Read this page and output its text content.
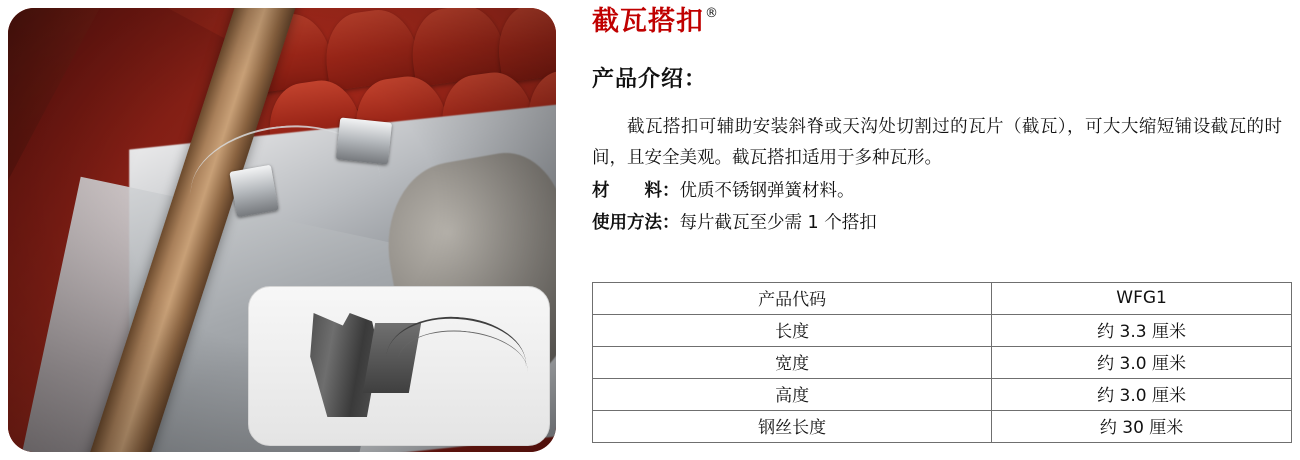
截瓦搭扣 ®
产品介绍：
截瓦搭扣可辅助安装斜脊或天沟处切割过的瓦片（截瓦），可大大缩短铺设截瓦的时间，且安全美观。截瓦搭扣适用于多种瓦形。
材　　料： 优质不锈钢弹簧材料。
使用方法： 每片截瓦至少需 1 个搭扣
产品代码	WFG1
长度	约 3.3 厘米
宽度	约 3.0 厘米
高度	约 3.0 厘米
钢丝长度	约 30 厘米
